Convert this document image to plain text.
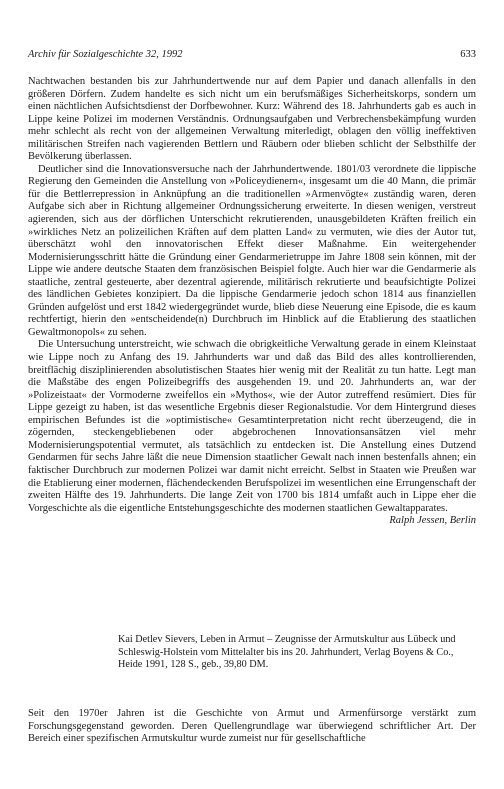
Archiv für Sozialgeschichte 32, 1992	633

Nachtwachen bestanden bis zur Jahrhundertwende nur auf dem Papier und danach allenfalls in den größeren Dörfern. Zudem handelte es sich nicht um ein berufsmäßiges Sicherheitskorps, sondern um einen nächtlichen Aufsichtsdienst der Dorfbewohner. Kurz: Während des 18. Jahrhunderts gab es auch in Lippe keine Polizei im modernen Verständnis. Ordnungsaufgaben und Verbrechensbekämpfung wurden mehr schlecht als recht von der allgemeinen Verwaltung miterledigt, oblagen den völlig ineffektiven militärischen Streifen nach vagierenden Bettlern und Räubern oder blieben schlicht der Selbsthilfe der Bevölkerung überlassen.

Deutlicher sind die Innovationsversuche nach der Jahrhundertwende. 1801/03 verordnete die lippische Regierung den Gemeinden die Anstellung von »Policeydienern«, insgesamt um die 40 Mann, die primär für die Bettlerrepression in Anknüpfung an die traditionellen »Armenvögte« zuständig waren, deren Aufgabe sich aber in Richtung allgemeiner Ordnungssicherung erweiterte. In diesen wenigen, verstreut agierenden, sich aus der dörflichen Unterschicht rekrutierenden, unausgebildeten Kräften freilich ein »wirkliches Netz an polizeilichen Kräften auf dem platten Land« zu vermuten, wie dies der Autor tut, überschätzt wohl den innovatorischen Effekt dieser Maßnahme. Ein weitergehender Modernisierungsschritt hätte die Gründung einer Gendarmerietruppe im Jahre 1808 sein können, mit der Lippe wie andere deutsche Staaten dem französischen Beispiel folgte. Auch hier war die Gendarmerie als staatliche, zentral gesteuerte, aber dezentral agierende, militärisch rekrutierte und beaufsichtigte Polizei des ländlichen Gebietes konzipiert. Da die lippische Gendarmerie jedoch schon 1814 aus finanziellen Gründen aufgelöst und erst 1842 wiedergegründet wurde, blieb diese Neuerung eine Episode, die es kaum rechtfertigt, hierin den »entscheidende(n) Durchbruch im Hinblick auf die Etablierung des staatlichen Gewaltmonopols« zu sehen.

Die Untersuchung unterstreicht, wie schwach die obrigkeitliche Verwaltung gerade in einem Kleinstaat wie Lippe noch zu Anfang des 19. Jahrhunderts war und daß das Bild des alles kontrollierenden, breitflächig disziplinierenden absolutistischen Staates hier wenig mit der Realität zu tun hatte. Legt man die Maßstäbe des engen Polizeibegriffs des ausgehenden 19. und 20. Jahrhunderts an, war der »Polizeistaat« der Vormoderne zweifellos ein »Mythos«, wie der Autor zutreffend resümiert. Dies für Lippe gezeigt zu haben, ist das wesentliche Ergebnis dieser Regionalstudie. Vor dem Hintergrund dieses empirischen Befundes ist die »optimistische« Gesamtinterpretation nicht recht überzeugend, die in zögernden, steckengebliebenen oder abgebrochenen Innovationsansätzen viel mehr Modernisierungspotential vermutet, als tatsächlich zu entdecken ist. Die Anstellung eines Dutzend Gendarmen für sechs Jahre läßt die neue Dimension staatlicher Gewalt nach innen bestenfalls ahnen; ein faktischer Durchbruch zur modernen Polizei war damit nicht erreicht. Selbst in Staaten wie Preußen war die Etablierung einer modernen, flächendeckenden Berufspolizei im wesentlichen eine Errungenschaft der zweiten Hälfte des 19. Jahrhunderts. Die lange Zeit von 1700 bis 1814 umfaßt auch in Lippe eher die Vorgeschichte als die eigentliche Entstehungsgeschichte des modernen staatlichen Gewaltapparates.

Ralph Jessen, Berlin

Kai Detlev Sievers, Leben in Armut – Zeugnisse der Armutskultur aus Lübeck und Schleswig-Holstein vom Mittelalter bis ins 20. Jahrhundert, Verlag Boyens & Co., Heide 1991, 128 S., geb., 39,80 DM.

Seit den 1970er Jahren ist die Geschichte von Armut und Armenfürsorge verstärkt zum Forschungsgegenstand geworden. Deren Quellengrundlage war überwiegend schriftlicher Art. Der Bereich einer spezifischen Armutskultur wurde zumeist nur für gesellschaftliche
